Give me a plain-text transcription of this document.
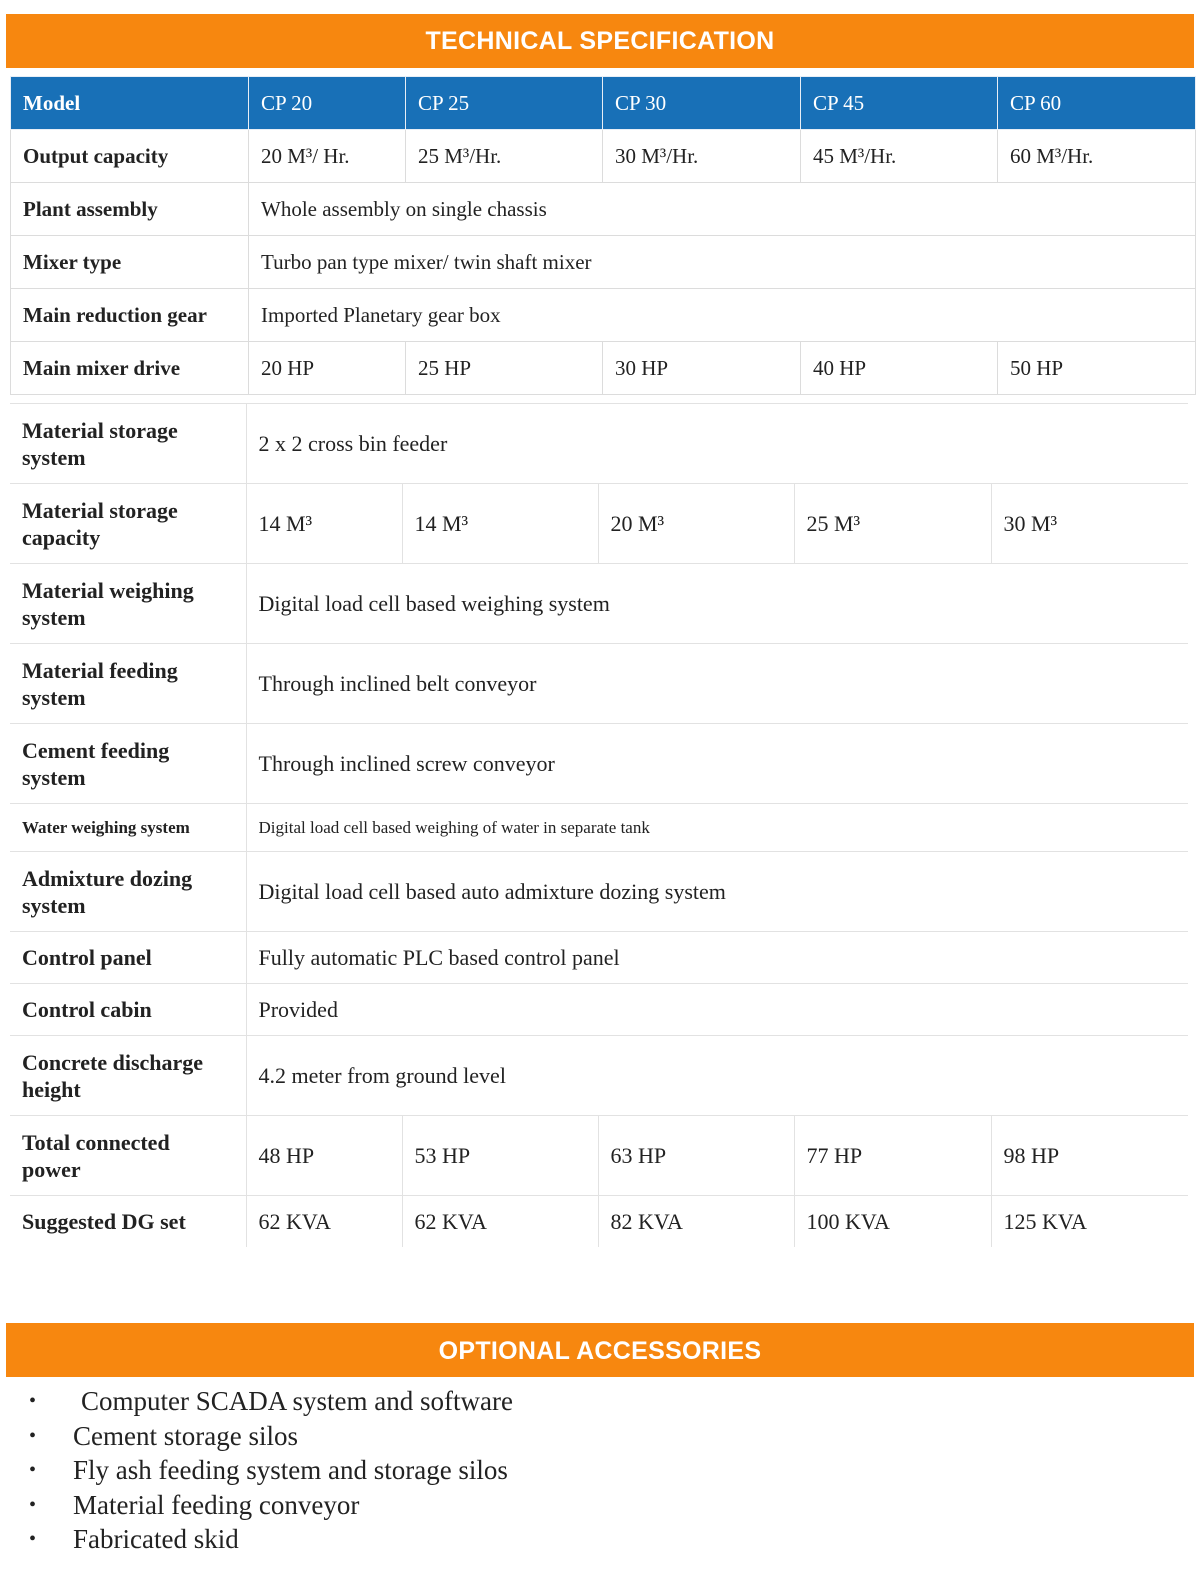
TECHNICAL SPECIFICATION
Model	CP 20	CP 25	CP 30	CP 45	CP 60
Output capacity	20 M³/ Hr.	25 M³/Hr.	30 M³/Hr.	45 M³/Hr.	60 M³/Hr.
Plant assembly	Whole assembly on single chassis				
Mixer type	Turbo pan type mixer/ twin shaft mixer				
Main reduction gear	Imported Planetary gear box				
Main mixer drive	20 HP	25 HP	30 HP	40 HP	50 HP
Material storage system	2 x 2 cross bin feeder				
Material storage capacity	14 M³	14 M³	20 M³	25 M³	30 M³
Material weighing system	Digital load cell based weighing system				
Material feeding system	Through inclined belt conveyor				
Cement feeding system	Through inclined screw conveyor				
Water weighing system	Digital load cell based weighing of water in separate tank				
Admixture dozing system	Digital load cell based auto admixture dozing system				
Control panel	Fully automatic PLC based control panel				
Control cabin	Provided				
Concrete discharge height	4.2 meter from ground level				
Total connected power	48 HP	53 HP	63 HP	77 HP	98 HP
Suggested DG set	62 KVA	62 KVA	82 KVA	100 KVA	125 KVA
OPTIONAL ACCESSORIES
• Computer SCADA system and software
• Cement storage silos
• Fly ash feeding system and storage silos
• Material feeding conveyor
• Fabricated skid
